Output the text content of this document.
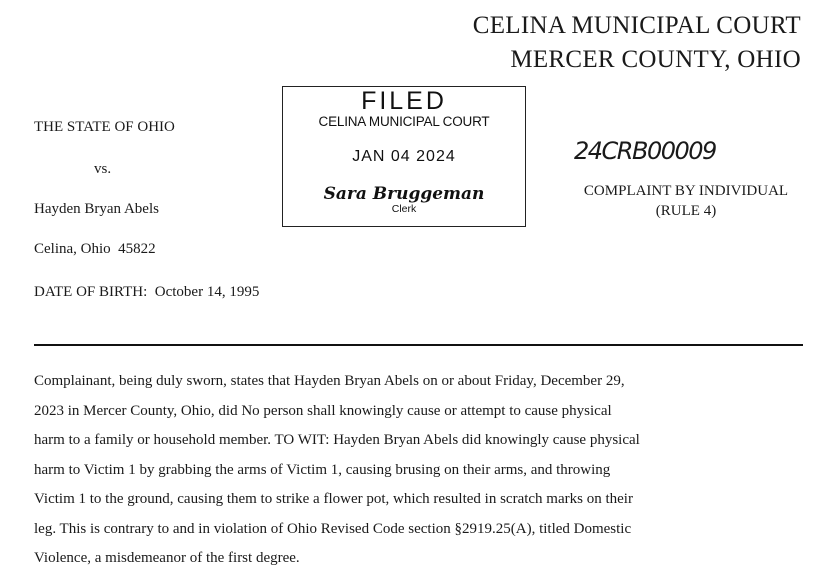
CELINA MUNICIPAL COURT
MERCER COUNTY, OHIO
THE STATE OF OHIO
vs.
Hayden Bryan Abels
Celina, Ohio  45822
DATE OF BIRTH:  October 14, 1995
FILED
CELINA MUNICIPAL COURT
JAN 04 2024
Sara Bruggeman
Clerk
24CRB00009
COMPLAINT BY INDIVIDUAL
(RULE 4)

Complainant, being duly sworn, states that Hayden Bryan Abels on or about Friday, December 29,
2023 in Mercer County, Ohio, did No person shall knowingly cause or attempt to cause physical
harm to a family or household member. TO WIT: Hayden Bryan Abels did knowingly cause physical
harm to Victim 1 by grabbing the arms of Victim 1, causing brusing on their arms, and throwing
Victim 1 to the ground, causing them to strike a flower pot, which resulted in scratch marks on their
leg. This is contrary to and in violation of Ohio Revised Code section §2919.25(A), titled Domestic
Violence, a misdemeanor of the first degree.
